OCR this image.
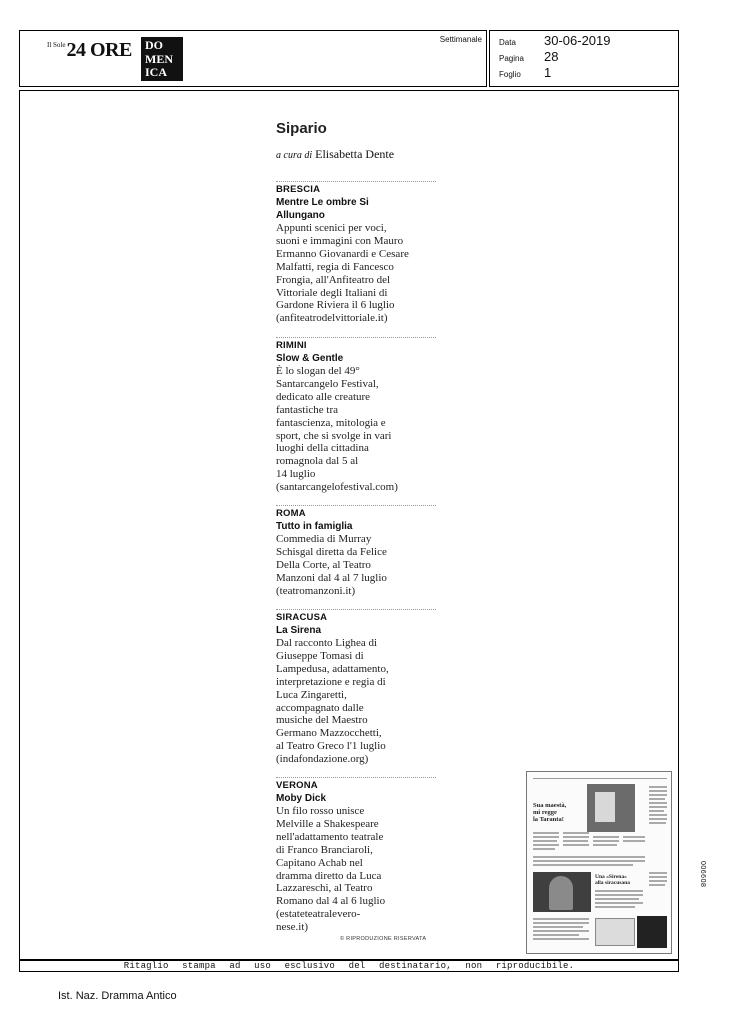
Il Sole 24 ORE DO
MEN
ICA
Settimanale Data	30-06-2019
Pagina	28
Foglio	1
Sipario
a cura di Elisabetta Dente
BRESCIA
Mentre Le ombre Si
Allungano
Appunti scenici per voci,
suoni e immagini con Mauro
Ermanno Giovanardi e Cesare
Malfatti, regia di Fancesco
Frongia, all'Anfiteatro del
Vittoriale degli Italiani di
Gardone Riviera il 6 luglio
(anfiteatrodelvittoriale.it)
RIMINI
Slow & Gentle
È lo slogan del 49°
Santarcangelo Festival,
dedicato alle creature
fantastiche tra
fantascienza, mitologia e
sport, che si svolge in vari
luoghi della cittadina
romagnola dal 5 al
14 luglio
(santarcangelofestival.com)
ROMA
Tutto in famiglia
Commedia di Murray
Schisgal diretta da Felice
Della Corte, al Teatro
Manzoni dal 4 al 7 luglio
(teatromanzoni.it)
SIRACUSA
La Sirena
Dal racconto Lighea di
Giuseppe Tomasi di
Lampedusa, adattamento,
interpretazione e regia di
Luca Zingaretti,
accompagnato dalle
musiche del Maestro
Germano Mazzocchetti,
al Teatro Greco l'1 luglio
(indafondazione.org)
VERONA
Moby Dick
Un filo rosso unisce
Melville a Shakespeare
nell'adattamento teatrale
di Franco Branciaroli,
Capitano Achab nel
dramma diretto da Luca
Lazzareschi, al Teatro
Romano dal 4 al 6 luglio
(estateteatralevero-
nese.it)
© RIPRODUZIONE RISERVATA
Sua maestà,
mi regge
la Taranta!
Una «Sirena»
alla siracusana	006608
Ritaglio stampa ad uso esclusivo del destinatario, non riproducibile.
Ist. Naz. Dramma Antico
